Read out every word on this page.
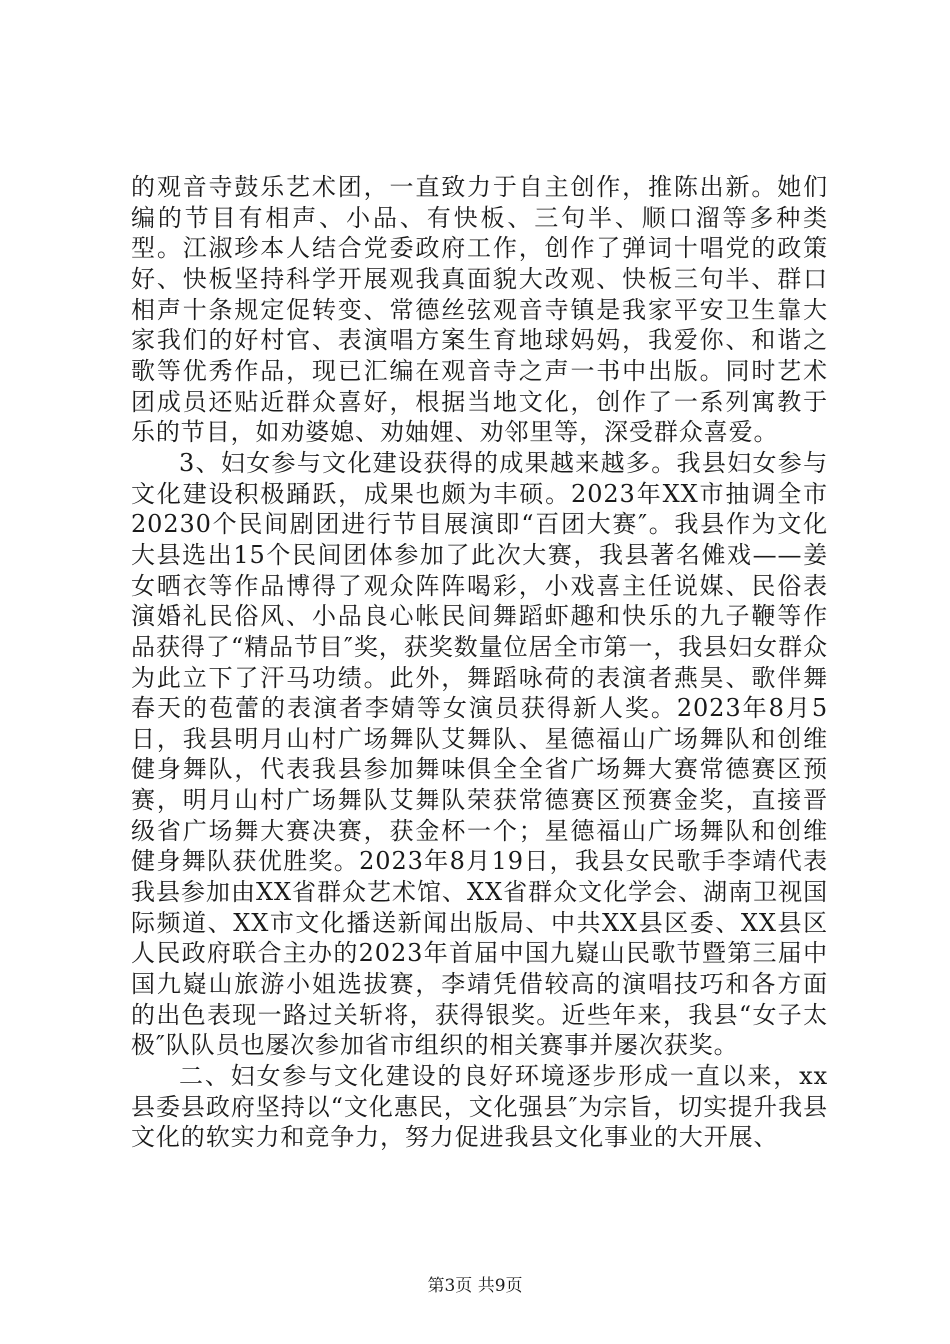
的观音寺鼓乐艺术团，一直致力于自主创作，推陈出新。她们编的节目有相声、小品、有快板、三句半、顺口溜等多种类型。江淑珍本人结合党委政府工作，创作了弹词十唱党的政策好、快板坚持科学开展观我真面貌大改观、快板三句半、群口相声十条规定促转变、常德丝弦观音寺镇是我家平安卫生靠大家我们的好村官、表演唱方案生育地球妈妈，我爱你、和谐之歌等优秀作品，现已汇编在观音寺之声一书中出版。同时艺术团成员还贴近群众喜好，根据当地文化，创作了一系列寓教于乐的节目，如劝婆媳、劝妯娌、劝邻里等，深受群众喜爱。

3、妇女参与文化建设获得的成果越来越多。我县妇女参与文化建设积极踊跃，成果也颇为丰硕。2023年XX市抽调全市20230个民间剧团进行节目展演即“百团大赛″。我县作为文化大县选出15个民间团体参加了此次大赛，我县著名傩戏——姜女晒衣等作品博得了观众阵阵喝彩，小戏喜主任说媒、民俗表演婚礼民俗风、小品良心帐民间舞蹈虾趣和快乐的九子鞭等作品获得了“精品节目″奖，获奖数量位居全市第一，我县妇女群众为此立下了汗马功绩。此外，舞蹈咏荷的表演者燕昊、歌伴舞春天的苞蕾的表演者李婧等女演员获得新人奖。2023年8月5日，我县明月山村广场舞队艾舞队、星德福山广场舞队和创维健身舞队，代表我县参加舞味俱全全省广场舞大赛常德赛区预赛，明月山村广场舞队艾舞队荣获常德赛区预赛金奖，直接晋级省广场舞大赛决赛，获金杯一个；星德福山广场舞队和创维健身舞队获优胜奖。2023年8月19日，我县女民歌手李靖代表我县参加由XX省群众艺术馆、XX省群众文化学会、湖南卫视国际频道、XX市文化播送新闻出版局、中共XX县区委、XX县区人民政府联合主办的2023年首届中国九嶷山民歌节暨第三届中国九嶷山旅游小姐选拔赛，李靖凭借较高的演唱技巧和各方面的出色表现一路过关斩将，获得银奖。近些年来，我县“女子太极″队队员也屡次参加省市组织的相关赛事并屡次获奖。

二、妇女参与文化建设的良好环境逐步形成一直以来，xx县委县政府坚持以“文化惠民，文化强县″为宗旨，切实提升我县文化的软实力和竞争力，努力促进我县文化事业的大开展、

第3页 共9页
